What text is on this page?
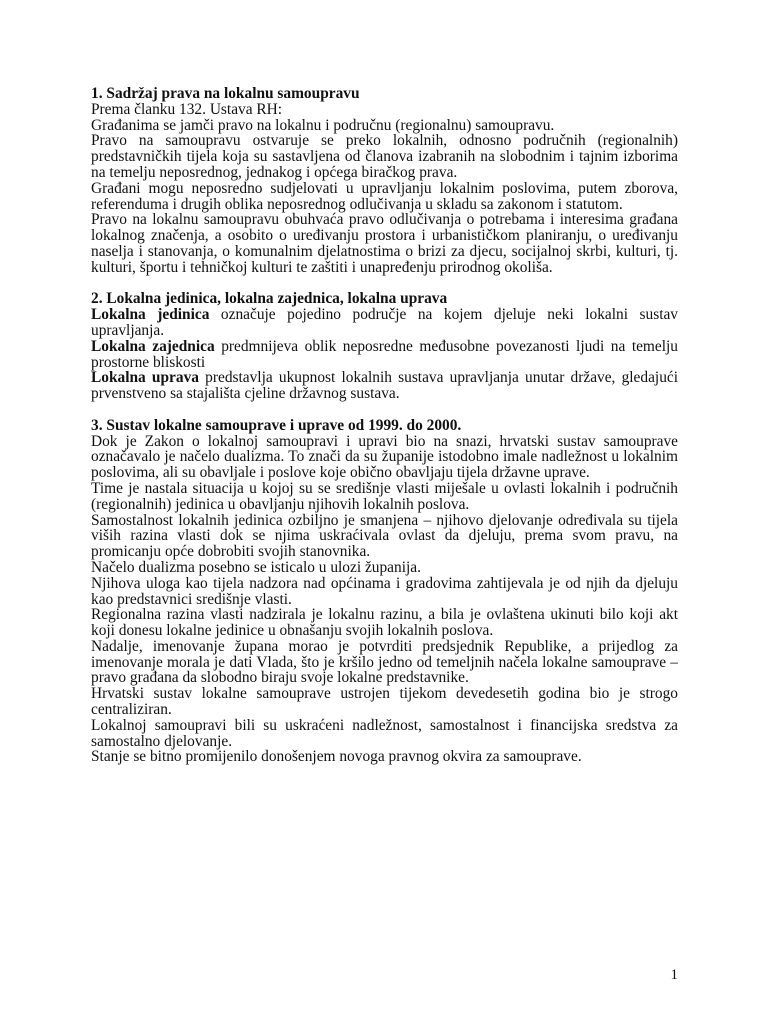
1. Sadržaj prava na lokalnu samoupravu

Prema članku 132. Ustava RH:

Građanima se jamči pravo na lokalnu i područnu (regionalnu) samoupravu.

Pravo na samoupravu ostvaruje se preko lokalnih, odnosno područnih (regionalnih) predstavničkih tijela koja su sastavljena od članova izabranih na slobodnim i tajnim izborima na temelju neposrednog, jednakog i općega biračkog prava.

Građani mogu neposredno sudjelovati u upravljanju lokalnim poslovima, putem zborova, referenduma i drugih oblika neposrednog odlučivanja u skladu sa zakonom i statutom.

Pravo na lokalnu samoupravu obuhvaća pravo odlučivanja o potrebama i interesima građana lokalnog značenja, a osobito o uređivanju prostora i urbanističkom planiranju, o uređivanju naselja i stanovanja, o komunalnim djelatnostima o brizi za djecu, socijalnoj skrbi, kulturi, tj. kulturi, športu i tehničkoj kulturi te zaštiti i unapređenju prirodnog okoliša.

2. Lokalna jedinica, lokalna zajednica, lokalna uprava

Lokalna jedinica označuje pojedino područje na kojem djeluje neki lokalni sustav upravljanja.

Lokalna zajednica predmnijeva oblik neposredne međusobne povezanosti ljudi na temelju prostorne bliskosti

Lokalna uprava predstavlja ukupnost lokalnih sustava upravljanja unutar države, gledajući prvenstveno sa stajališta cjeline državnog sustava.

3. Sustav lokalne samouprave i uprave od 1999. do 2000.

Dok je Zakon o lokalnoj samoupravi i upravi bio na snazi, hrvatski sustav samouprave označavalo je načelo dualizma. To znači da su županije istodobno imale nadležnost u lokalnim poslovima, ali su obavljale i poslove koje obično obavljaju tijela državne uprave.

Time je nastala situacija u kojoj su se središnje vlasti miješale u ovlasti lokalnih i područnih (regionalnih) jedinica u obavljanju njihovih lokalnih poslova.

Samostalnost lokalnih jedinica ozbiljno je smanjena – njihovo djelovanje određivala su tijela viših razina vlasti dok se njima uskraćivala ovlast da djeluju, prema svom pravu, na promicanju opće dobrobiti svojih stanovnika.

Načelo dualizma posebno se isticalo u ulozi županija.

Njihova uloga kao tijela nadzora nad općinama i gradovima zahtijevala je od njih da djeluju kao predstavnici središnje vlasti.

Regionalna razina vlasti nadzirala je lokalnu razinu, a bila je ovlaštena ukinuti bilo koji akt koji donesu lokalne jedinice u obnašanju svojih lokalnih poslova.

Nadalje, imenovanje župana morao je potvrditi predsjednik Republike, a prijedlog za imenovanje morala je dati Vlada, što je kršilo jedno od temeljnih načela lokalne samouprave – pravo građana da slobodno biraju svoje lokalne predstavnike.

Hrvatski sustav lokalne samouprave ustrojen tijekom devedesetih godina bio je strogo centraliziran.

Lokalnoj samoupravi bili su uskraćeni nadležnost, samostalnost i financijska sredstva za samostalno djelovanje.

Stanje se bitno promijenilo donošenjem novoga pravnog okvira za samouprave.

1
